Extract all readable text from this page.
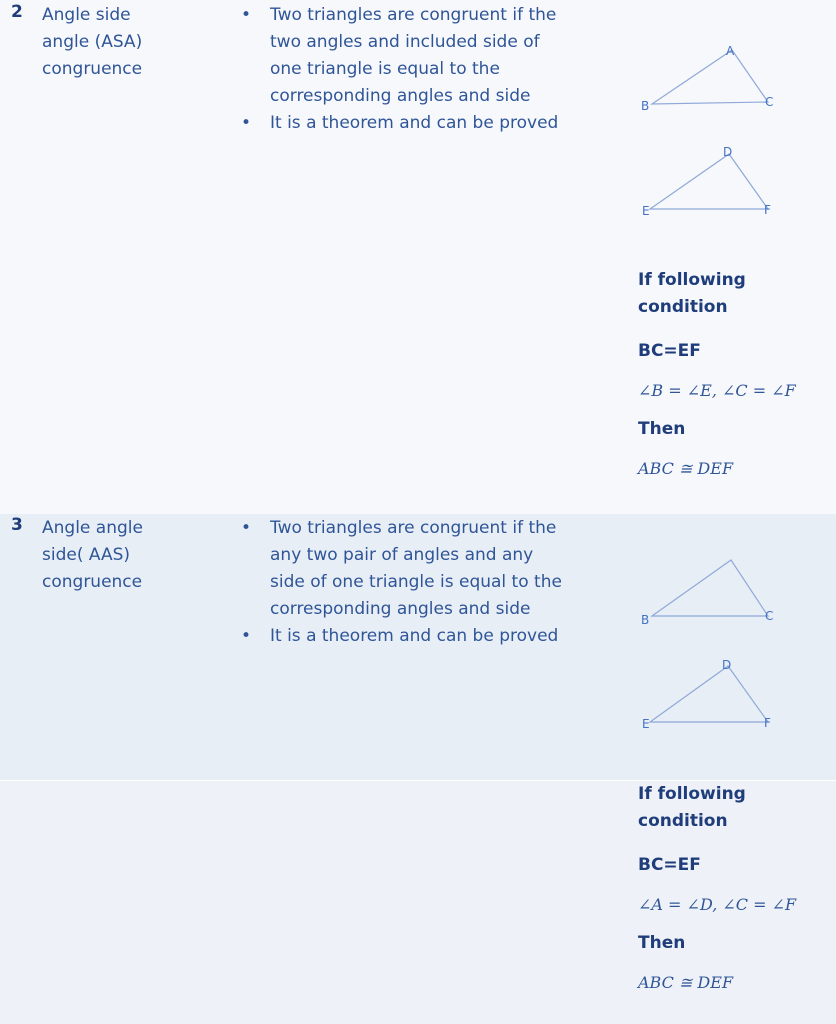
2 Angle side
angle (ASA)
congruence
• Two triangles are congruent if the
two angles and included side of
one triangle is equal to the
corresponding angles and side
• It is a theorem and can be proved
A
B	C
D
E	F
If following
condition
BC=EF
∠B = ∠E, ∠C = ∠F
Then
ABC ≅ DEF
3 Angle angle
side( AAS)
congruence
• Two triangles are congruent if the
any two pair of angles and any
side of one triangle is equal to the
corresponding angles and side
• It is a theorem and can be proved
B	C
D
E	F
If following
condition
BC=EF
∠A = ∠D, ∠C = ∠F
Then
ABC ≅ DEF
